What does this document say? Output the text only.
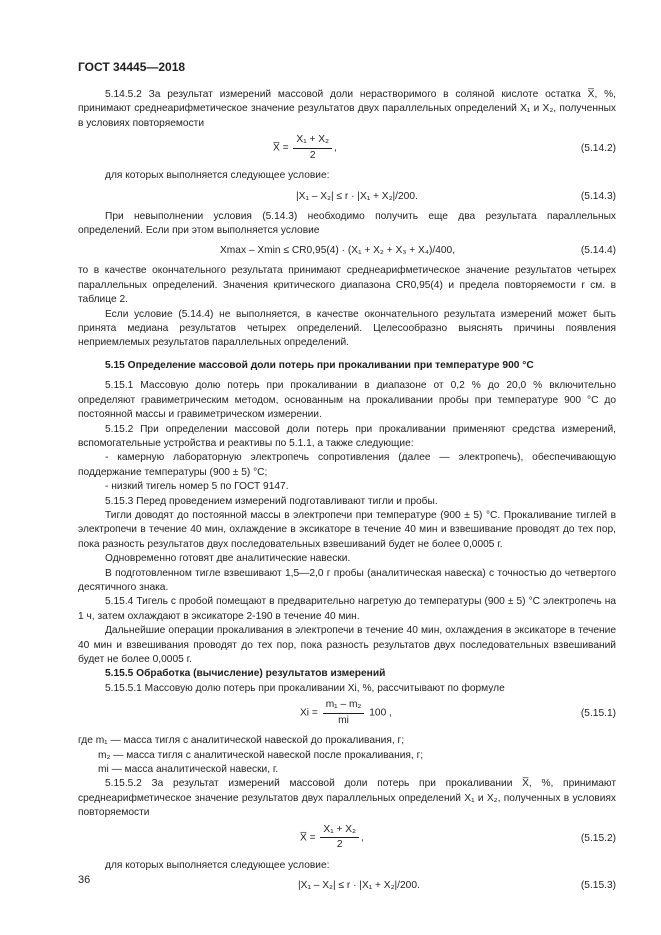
ГОСТ 34445—2018

5.14.5.2 За результат измерений массовой доли нерастворимого в соляной кислоте остатка X̅, %, принимают среднеарифметическое значение результатов двух параллельных определений X₁ и X₂, полученных в условиях повторяемости

X̅ = $\frac{\text{X₁ + X₂}}{2}$ ,	(5.14.2)

для которых выполняется следующее условие:

|X₁ – X₂| ≤ r · |X₁ + X₂|/200.	(5.14.3)

При невыполнении условия (5.14.3) необходимо получить еще два результата параллельных определений. Если при этом выполняется условие

Xmax – Xmin ≤ CR0,95(4) · (X₁ + X₂ + X₃ + X₄)/400,	(5.14.4)

то в качестве окончательного результата принимают среднеарифметическое значение результатов четырех параллельных определений. Значения критического диапазона CR0,95(4) и предела повторяемости r см. в таблице 2.

Если условие (5.14.4) не выполняется, в качестве окончательного результата измерений может быть принята медиана результатов четырех определений. Целесообразно выяснять причины появления неприемлемых результатов параллельных определений.

5.15 Определение массовой доли потерь при прокаливании при температуре 900 °С

5.15.1 Массовую долю потерь при прокаливании в диапазоне от 0,2 % до 20,0 % включительно определяют гравиметрическим методом, основанным на прокаливании пробы при температуре 900 °С до постоянной массы и гравиметрическом измерении.

5.15.2 При определении массовой доли потерь при прокаливании применяют средства измерений, вспомогательные устройства и реактивы по 5.1.1, а также следующие:

- камерную лабораторную электропечь сопротивления (далее — электропечь), обеспечивающую поддержание температуры (900 ± 5) °С;

- низкий тигель номер 5 по ГОСТ 9147.

5.15.3 Перед проведением измерений подготавливают тигли и пробы.

Тигли доводят до постоянной массы в электропечи при температуре (900 ± 5) °С. Прокаливание тиглей в электропечи в течение 40 мин, охлаждение в эксикаторе в течение 40 мин и взвешивание проводят до тех пор, пока разность результатов двух последовательных взвешиваний будет не более 0,0005 г.

Одновременно готовят две аналитические навески.

В подготовленном тигле взвешивают 1,5—2,0 г пробы (аналитическая навеска) с точностью до четвертого десятичного знака.

5.15.4 Тигель с пробой помещают в предварительно нагретую до температуры (900 ± 5) °С электропечь на 1 ч, затем охлаждают в эксикаторе 2-190 в течение 40 мин.

Дальнейшие операции прокаливания в электропечи в течение 40 мин, охлаждения в эксикаторе в течение 40 мин и взвешивания проводят до тех пор, пока разность результатов двух последовательных взвешиваний будет не более 0,0005 г.

5.15.5 Обработка (вычисление) результатов измерений

5.15.5.1 Массовую долю потерь при прокаливании Xi, %, рассчитывают по формуле

$Xi = \frac{\text{m₁ – m₂}}{mi} 100$ ,	(5.15.1)
где m₁ — масса тигля с аналитической навеской до прокаливания, г;
m₂ — масса тигля с аналитической навеской после прокаливания, г;
mi — масса аналитической навески, г.

5.15.5.2 За результат измерений массовой доли потерь при прокаливании X̅, %, принимают среднеарифметическое значение результатов двух параллельных определений X₁ и X₂, полученных в условиях повторяемости

X̅ = $\frac{\text{X₁ + X₂}}{2}$ ,	(5.15.2)

для которых выполняется следующее условие:

|X₁ – X₂| ≤ r · |X₁ + X₂|/200.	(5.15.3)
36
